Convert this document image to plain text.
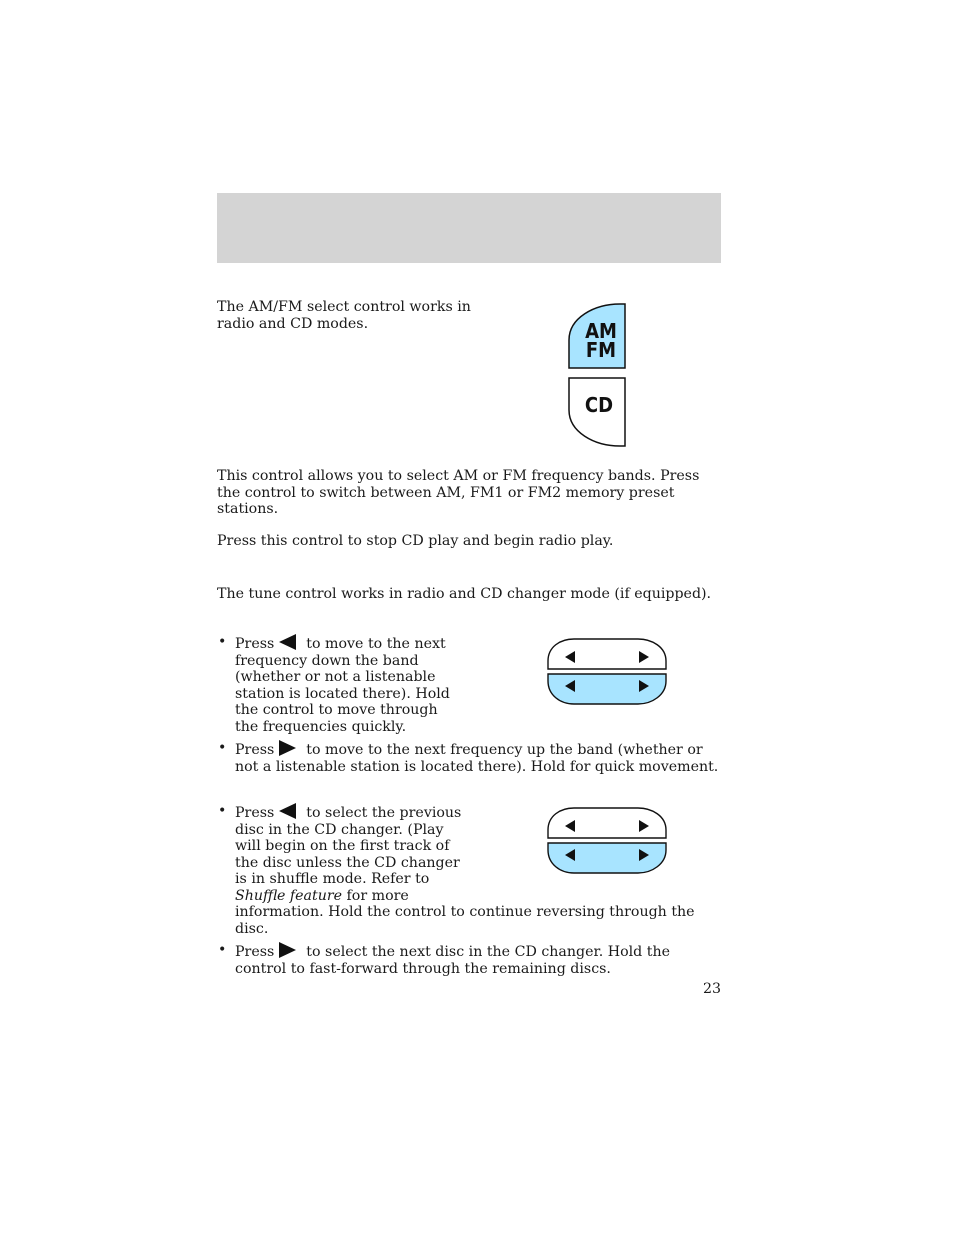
The AM/FM select control works in radio and CD modes.	AM
FM
CD

This control allows you to select AM or FM frequency bands. Press the control to switch between AM, FM1 or FM2 memory preset stations.

Press this control to stop CD play and begin radio play.

The tune control works in radio and CD changer mode (if equipped).

• Press to move to the next frequency down the band (whether or not a listenable station is located there). Hold the control to move through the frequencies quickly.
• Press to move to the next frequency up the band (whether or not a listenable station is located there). Hold for quick movement.
• Press to select the previous disc in the CD changer. (Play will begin on the first track of the disc unless the CD changer is in shuffle mode. Refer to Shuffle feature for more information. Hold the control to continue reversing through the disc.
• Press to select the next disc in the CD changer. Hold the control to fast-forward through the remaining discs.
23
